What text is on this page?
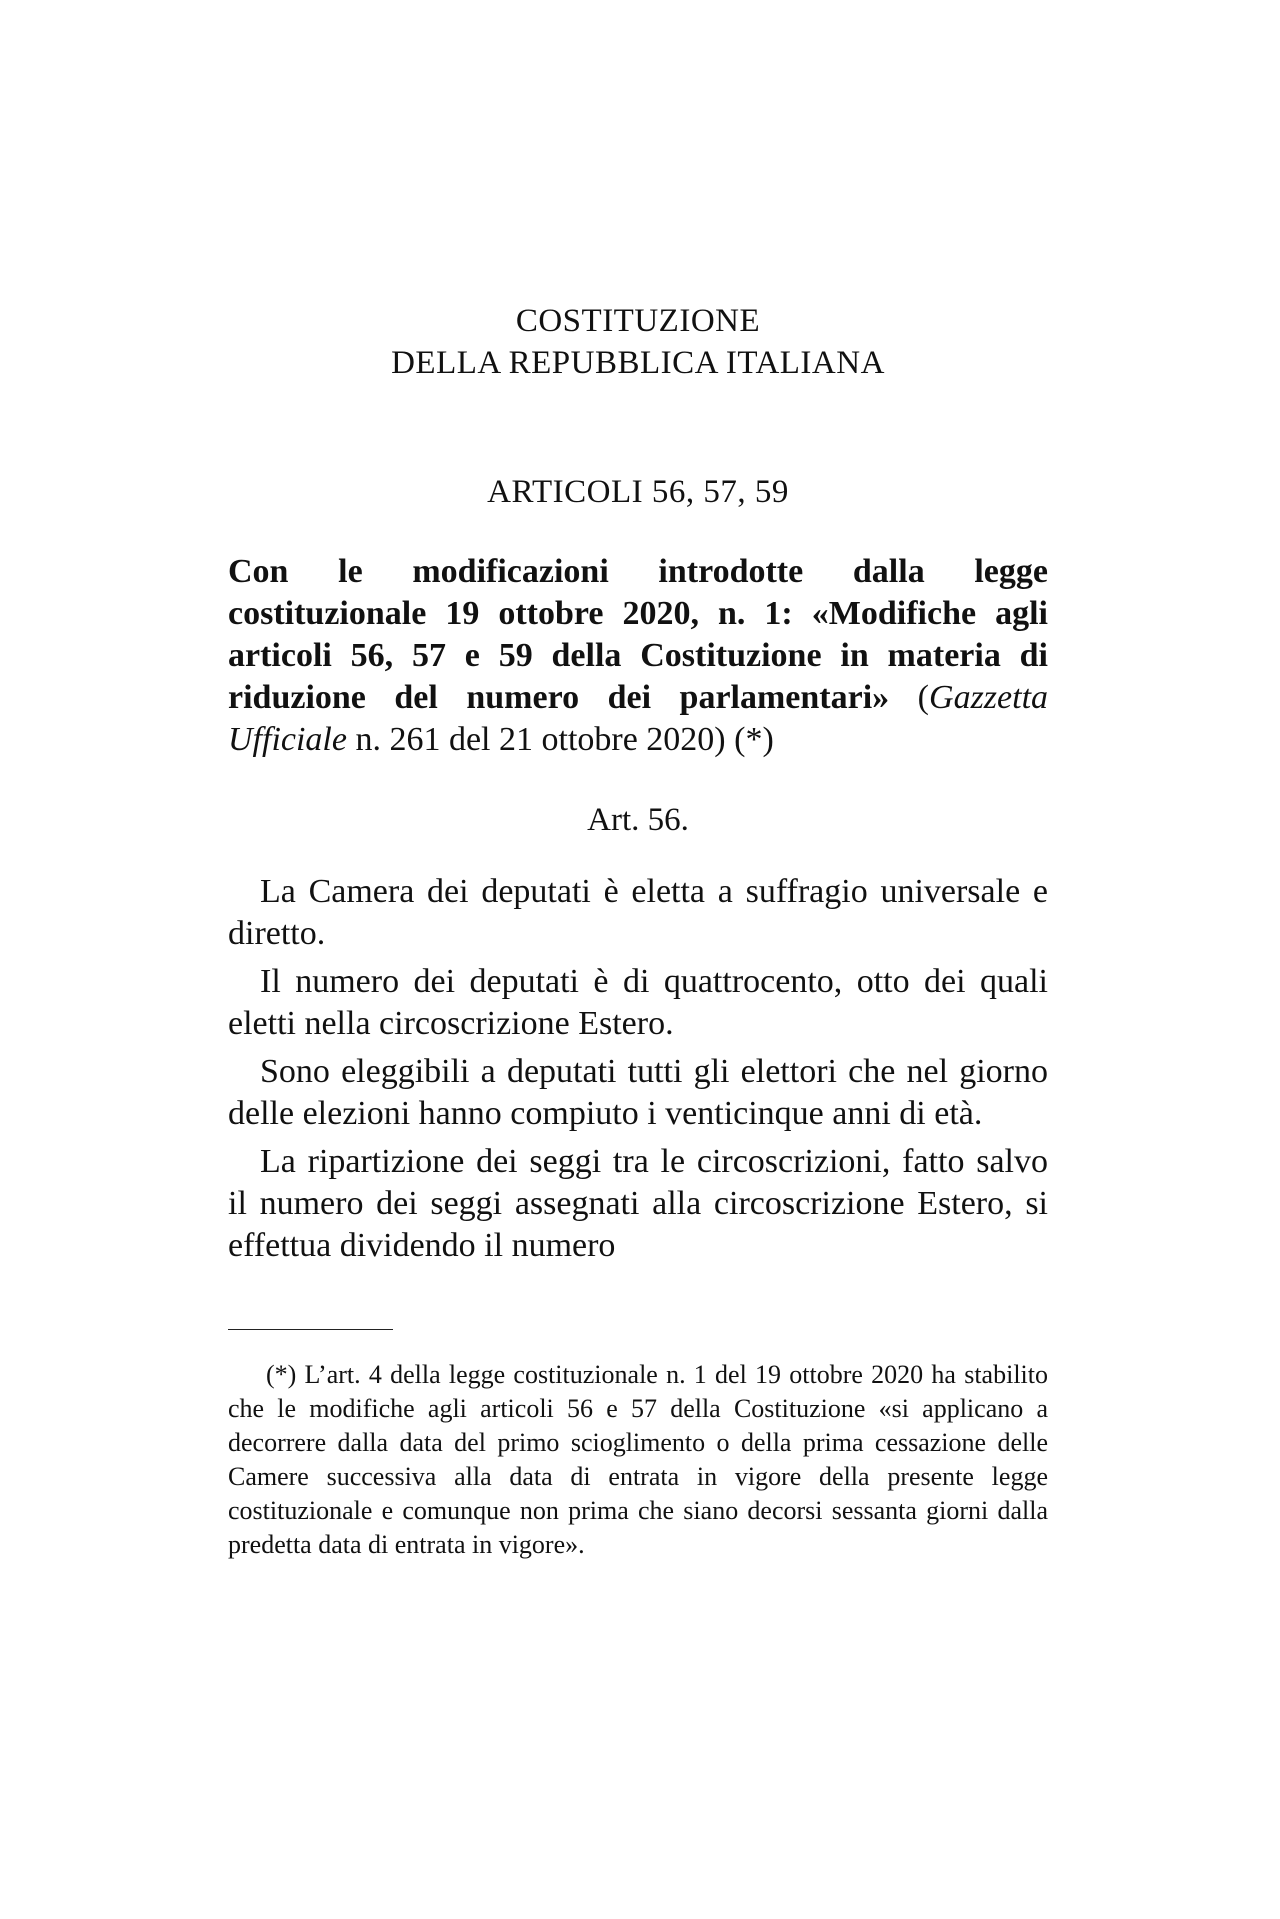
COSTITUZIONE
DELLA REPUBBLICA ITALIANA
ARTICOLI 56, 57, 59
Con le modificazioni introdotte dalla legge costituzionale 19 ottobre 2020, n. 1: «Modifiche agli articoli 56, 57 e 59 della Costituzione in materia di riduzione del numero dei parlamentari» (Gazzetta Ufficiale n. 261 del 21 ottobre 2020) (*)
Art. 56.

La Camera dei deputati è eletta a suffragio universale e diretto.

Il numero dei deputati è di quattrocento, otto dei quali eletti nella circoscrizione Estero.

Sono eleggibili a deputati tutti gli elettori che nel giorno delle elezioni hanno compiuto i venticinque anni di età.

La ripartizione dei seggi tra le circoscrizioni, fatto salvo il numero dei seggi assegnati alla circoscrizione Estero, si effettua dividendo il numero

(*) L’art. 4 della legge costituzionale n. 1 del 19 ottobre 2020 ha stabilito che le modifiche agli articoli 56 e 57 della Costituzione «si applicano a decorrere dalla data del primo scioglimento o della prima cessazione delle Camere successiva alla data di entrata in vigore della presente legge costituzionale e comunque non prima che siano decorsi sessanta giorni dalla predetta data di entrata in vigore».
